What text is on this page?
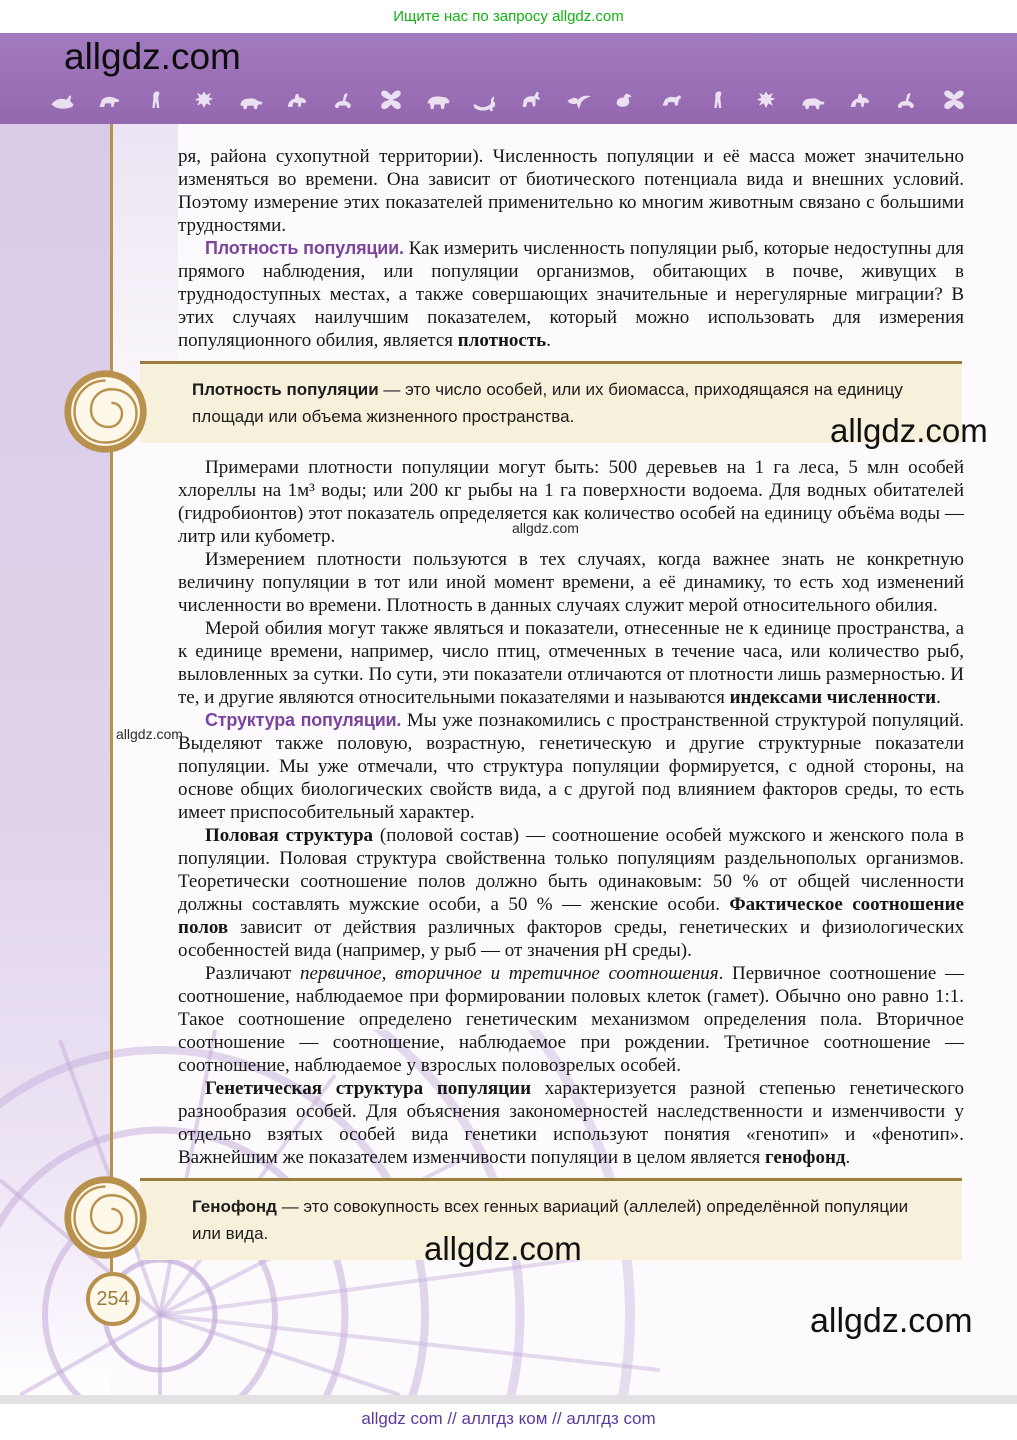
Ищите нас по запросу allgdz.com
allgdz.com

ря, района сухопутной территории). Численность популяции и её масса может значительно изменяться во времени. Она зависит от биотического потенциала вида и внешних условий. Поэтому измерение этих показателей применительно ко многим животным связано с большими трудностями.

Плотность популяции. Как измерить численность популяции рыб, которые недоступны для прямого наблюдения, или популяции организмов, обитающих в почве, живущих в труднодоступных местах, а также совершающих значительные и нерегулярные миграции? В этих случаях наилучшим показателем, который можно использовать для измерения популяционного обилия, является плотность.

Плотность популяции — это число особей, или их биомасса, приходящаяся на единицу площади или объема жизненного пространства.

Примерами плотности популяции могут быть: 500 деревьев на 1 га леса, 5 млн особей хлореллы на 1м³ воды; или 200 кг рыбы на 1 га поверхности водоема. Для водных обитателей (гидробионтов) этот показатель определяется как количество особей на единицу объёма воды — литр или кубометр.

Измерением плотности пользуются в тех случаях, когда важнее знать не конкретную величину популяции в тот или иной момент времени, а её динамику, то есть ход изменений численности во времени. Плотность в данных случаях служит мерой относительного обилия.

Мерой обилия могут также являться и показатели, отнесенные не к единице пространства, а к единице времени, например, число птиц, отмеченных в течение часа, или количество рыб, выловленных за сутки. По сути, эти показатели отличаются от плотности лишь размерностью. И те, и другие являются относительными показателями и называются индексами численности.

Структура популяции. Мы уже познакомились с пространственной структурой популяций. Выделяют также половую, возрастную, генетическую и другие структурные показатели популяции. Мы уже отмечали, что структура популяции формируется, с одной стороны, на основе общих биологических свойств вида, а с другой под влиянием факторов среды, то есть имеет приспособительный характер.

Половая структура (половой состав) — соотношение особей мужского и женского пола в популяции. Половая структура свойственна только популяциям раздельнополых организмов. Теоретически соотношение полов должно быть одинаковым: 50 % от общей численности должны составлять мужские особи, а 50 % — женские особи. Фактическое соотношение полов зависит от действия различных факторов среды, генетических и физиологических особенностей вида (например, у рыб — от значения pH среды).

Различают первичное, вторичное и третичное соотношения. Первичное соотношение — соотношение, наблюдаемое при формировании половых клеток (гамет). Обычно оно равно 1:1. Такое соотношение определено генетическим механизмом определения пола. Вторичное соотношение — соотношение, наблюдаемое при рождении. Третичное соотношение — соотношение, наблюдаемое у взрослых половозрелых особей.

Генетическая структура популяции характеризуется разной степенью генетического разнообразия особей. Для объяснения закономерностей наследственности и изменчивости у отдельно взятых особей вида генетики используют понятия «генотип» и «фенотип». Важнейшим же показателем изменчивости популяции в целом является генофонд.

Генофонд — это совокупность всех генных вариаций (аллелей) определённой популяции или вида.
254
allgdz.com
allgdz.com
allgdz.com
allgdz.com
allgdz.com
allgdz com // аллгдз ком // аллгдз com
